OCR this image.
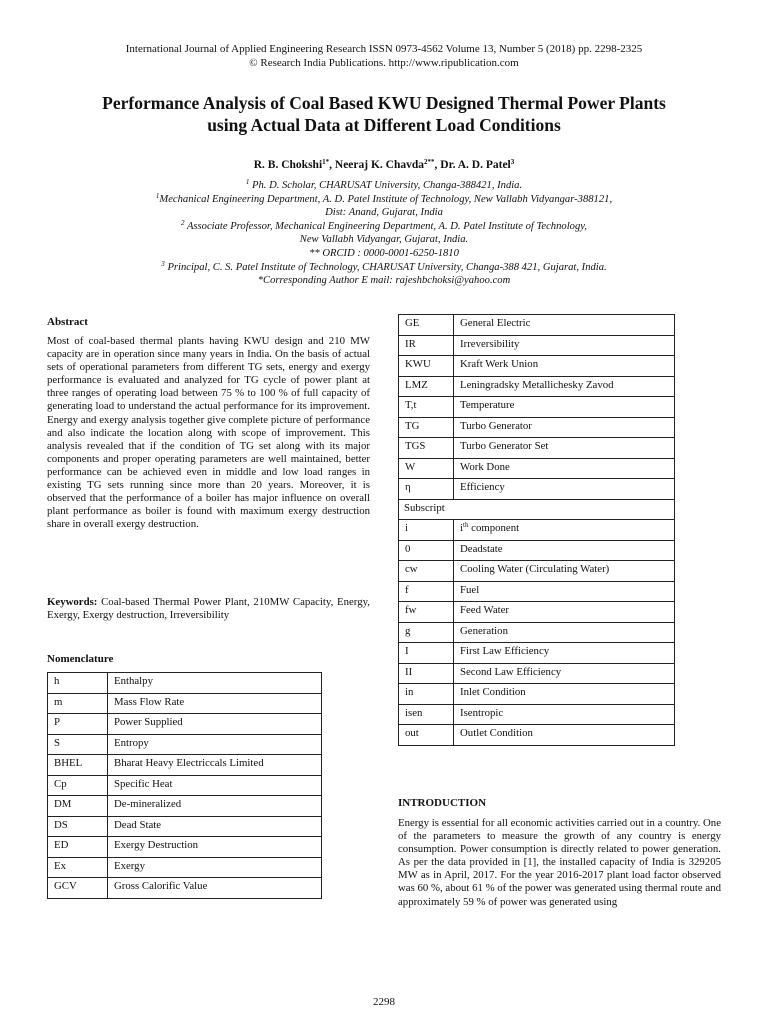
International Journal of Applied Engineering Research ISSN 0973-4562 Volume 13, Number 5 (2018) pp. 2298-2325
© Research India Publications. http://www.ripublication.com
Performance Analysis of Coal Based KWU Designed Thermal Power Plants
using Actual Data at Different Load Conditions
R. B. Chokshi$^{1*}$, Neeraj K. Chavda$^{2**}$, Dr. A. D. Patel$^3$
$^1$ Ph. D. Scholar, CHARUSAT University, Changa-388421, India.
$^1$Mechanical Engineering Department, A. D. Patel Institute of Technology, New Vallabh Vidyangar-388121,
Dist: Anand, Gujarat, India
$^2$ Associate Professor, Mechanical Engineering Department, A. D. Patel Institute of Technology,
New Vallabh Vidyangar, Gujarat, India.
** ORCID : 0000-0001-6250-1810
$^3$ Principal, C. S. Patel Institute of Technology, CHARUSAT University, Changa-388 421, Gujarat, India.
*Corresponding Author E mail: rajeshbchoksi@yahoo.com
Abstract
Most of coal-based thermal plants having KWU design and 210 MW capacity are in operation since many years in India. On the basis of actual sets of operational parameters from different TG sets, energy and exergy performance is evaluated and analyzed for TG cycle of power plant at three ranges of operating load between 75 % to 100 % of full capacity of generating load to understand the actual performance for its improvement. Energy and exergy analysis together give complete picture of performance and also indicate the location along with scope of improvement. This analysis revealed that if the condition of TG set along with its major components and proper operating parameters are well maintained, better performance can be achieved even in middle and low load ranges in existing TG sets running since more than 20 years. Moreover, it is observed that the performance of a boiler has major influence on overall plant performance as boiler is found with maximum exergy destruction share in overall exergy destruction.
Keywords: Coal-based Thermal Power Plant, 210MW Capacity, Energy, Exergy, Exergy destruction, Irreversibility
Nomenclature
h	Enthalpy
m	Mass Flow Rate
P	Power Supplied
S	Entropy
BHEL	Bharat Heavy Electriccals Limited
Cp	Specific Heat
DM	De-mineralized
DS	Dead State
ED	Exergy Destruction
Ex	Exergy
GCV	Gross Calorific Value
GE	General Electric
IR	Irreversibility
KWU	Kraft Werk Union
LMZ	Leningradsky Metallichesky Zavod
T,t	Temperature
TG	Turbo Generator
TGS	Turbo Generator Set
W	Work Done
η	Efficiency
Subscript	
i	$i^{th}$ component
0	Deadstate
cw	Cooling Water (Circulating Water)
f	Fuel
fw	Feed Water
g	Generation
I	First Law Efficiency
II	Second Law Efficiency
in	Inlet Condition
isen	Isentropic
out	Outlet Condition
INTRODUCTION
Energy is essential for all economic activities carried out in a country. One of the parameters to measure the growth of any country is energy consumption. Power consumption is directly related to power generation. As per the data provided in [1], the installed capacity of India is 329205 MW as in April, 2017. For the year 2016-2017 plant load factor observed was 60 %, about 61 % of the power was generated using thermal route and approximately 59 % of power was generated using
2298
